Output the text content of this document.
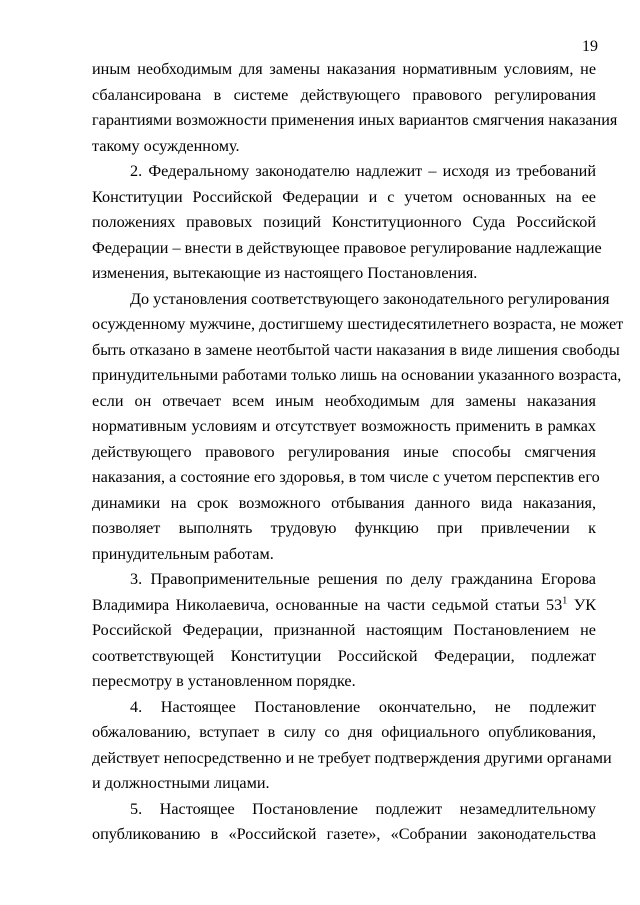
19
иным необходимым для замены наказания нормативным условиям, не
сбалансирована в системе действующего правового регулирования
гарантиями возможности применения иных вариантов смягчения наказания
такому осужденному.
2. Федеральному законодателю надлежит – исходя из требований
Конституции Российской Федерации и с учетом основанных на ее
положениях правовых позиций Конституционного Суда Российской
Федерации – внести в действующее правовое регулирование надлежащие
изменения, вытекающие из настоящего Постановления.
До установления соответствующего законодательного регулирования
осужденному мужчине, достигшему шестидесятилетнего возраста, не может
быть отказано в замене неотбытой части наказания в виде лишения свободы
принудительными работами только лишь на основании указанного возраста,
если он отвечает всем иным необходимым для замены наказания
нормативным условиям и отсутствует возможность применить в рамках
действующего правового регулирования иные способы смягчения
наказания, а состояние его здоровья, в том числе с учетом перспектив его
динамики на срок возможного отбывания данного вида наказания,
позволяет выполнять трудовую функцию при привлечении к
принудительным работам.
3. Правоприменительные решения по делу гражданина Егорова
Владимира Николаевича, основанные на части седьмой статьи $53^1$ УК
Российской Федерации, признанной настоящим Постановлением не
соответствующей Конституции Российской Федерации, подлежат
пересмотру в установленном порядке.
4. Настоящее Постановление окончательно, не подлежит
обжалованию, вступает в силу со дня официального опубликования,
действует непосредственно и не требует подтверждения другими органами
и должностными лицами.
5. Настоящее Постановление подлежит незамедлительному
опубликованию в «Российской газете», «Собрании законодательства
